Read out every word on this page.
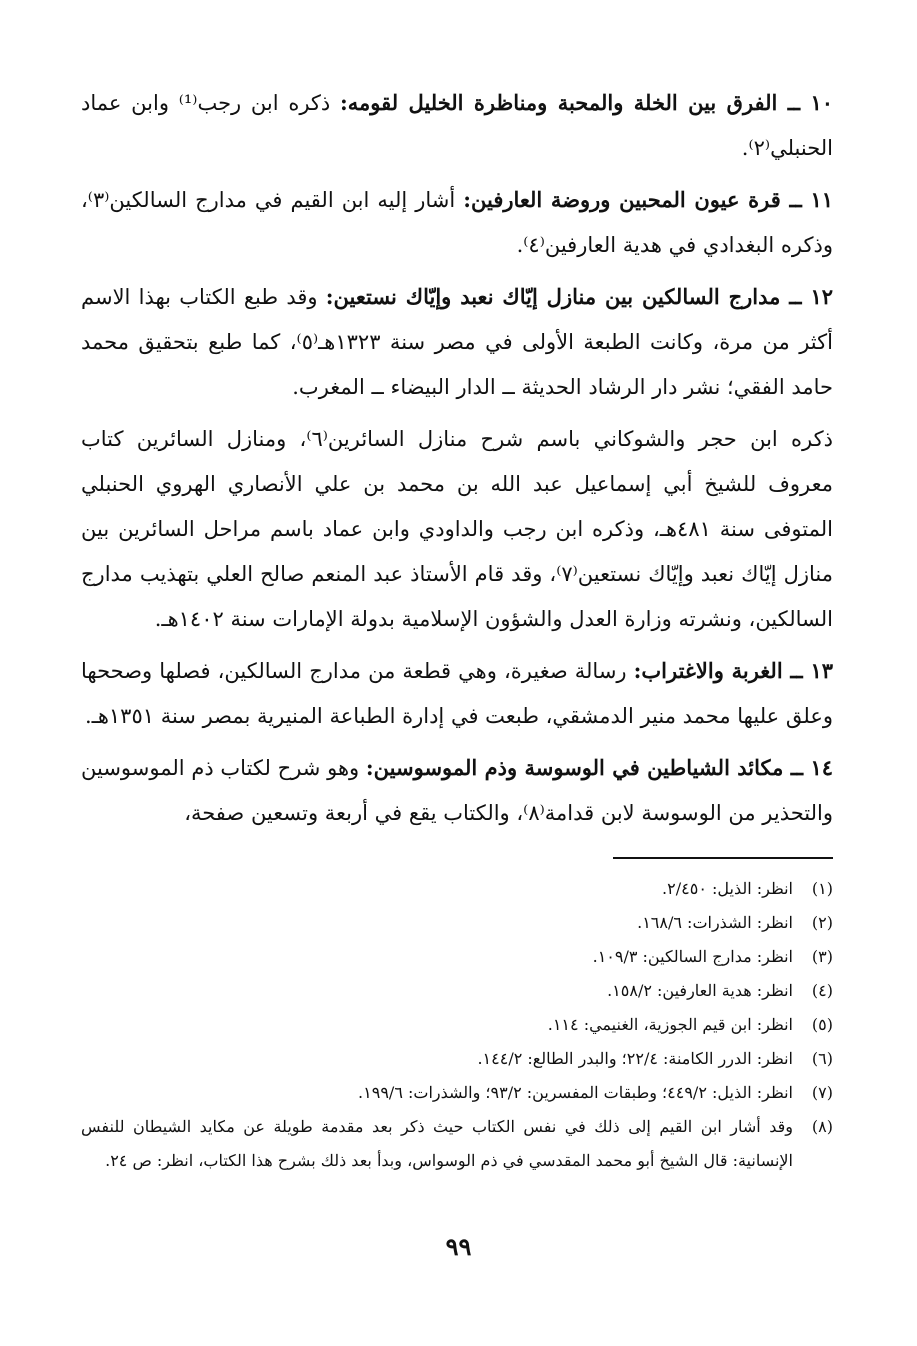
١٠ ــ الفرق بين الخلة والمحبة ومناظرة الخليل لقومه: ذكره ابن رجب⁽¹⁾ وابن عماد الحنبلي⁽٢⁾.

١١ ــ قرة عيون المحبين وروضة العارفين: أشار إليه ابن القيم في مدارج السالكين⁽٣⁾، وذكره البغدادي في هدية العارفين⁽٤⁾.

١٢ ــ مدارج السالكين بين منازل إيّاك نعبد وإيّاك نستعين: وقد طبع الكتاب بهذا الاسم أكثر من مرة، وكانت الطبعة الأولى في مصر سنة ١٣٢٣هـ⁽٥⁾، كما طبع بتحقيق محمد حامد الفقي؛ نشر دار الرشاد الحديثة ــ الدار البيضاء ــ المغرب.

ذكره ابن حجر والشوكاني باسم شرح منازل السائرين⁽٦⁾، ومنازل السائرين كتاب معروف للشيخ أبي إسماعيل عبد الله بن محمد بن علي الأنصاري الهروي الحنبلي المتوفى سنة ٤٨١هـ، وذكره ابن رجب والداودي وابن عماد باسم مراحل السائرين بين منازل إيّاك نعبد وإيّاك نستعين⁽٧⁾، وقد قام الأستاذ عبد المنعم صالح العلي بتهذيب مدارج السالكين، ونشرته وزارة العدل والشؤون الإسلامية بدولة الإمارات سنة ١٤٠٢هـ.

١٣ ــ الغربة والاغتراب: رسالة صغيرة، وهي قطعة من مدارج السالكين، فصلها وصححها وعلق عليها محمد منير الدمشقي، طبعت في إدارة الطباعة المنيرية بمصر سنة ١٣٥١هـ.

١٤ ــ مكائد الشياطين في الوسوسة وذم الموسوسين: وهو شرح لكتاب ذم الموسوسين والتحذير من الوسوسة لابن قدامة⁽٨⁾، والكتاب يقع في أربعة وتسعين صفحة،

(١)
انظر: الذيل: ٢/٤٥٠.
(٢)
انظر: الشذرات: ١٦٨/٦.
(٣)
انظر: مدارج السالكين: ١٠٩/٣.
(٤)
انظر: هدية العارفين: ١٥٨/٢.
(٥)
انظر: ابن قيم الجوزية، الغنيمي: ١١٤.
(٦)
انظر: الدرر الكامنة: ٢٢/٤؛ والبدر الطالع: ١٤٤/٢.
(٧)
انظر: الذيل: ٤٤٩/٢؛ وطبقات المفسرين: ٩٣/٢؛ والشذرات: ١٩٩/٦.
(٨)
وقد أشار ابن القيم إلى ذلك في نفس الكتاب حيث ذكر بعد مقدمة طويلة عن مكايد الشيطان للنفس الإنسانية: قال الشيخ أبو محمد المقدسي في ذم الوسواس، وبدأ بعد ذلك بشرح هذا الكتاب، انظر: ص ٢٤.
٩٩
